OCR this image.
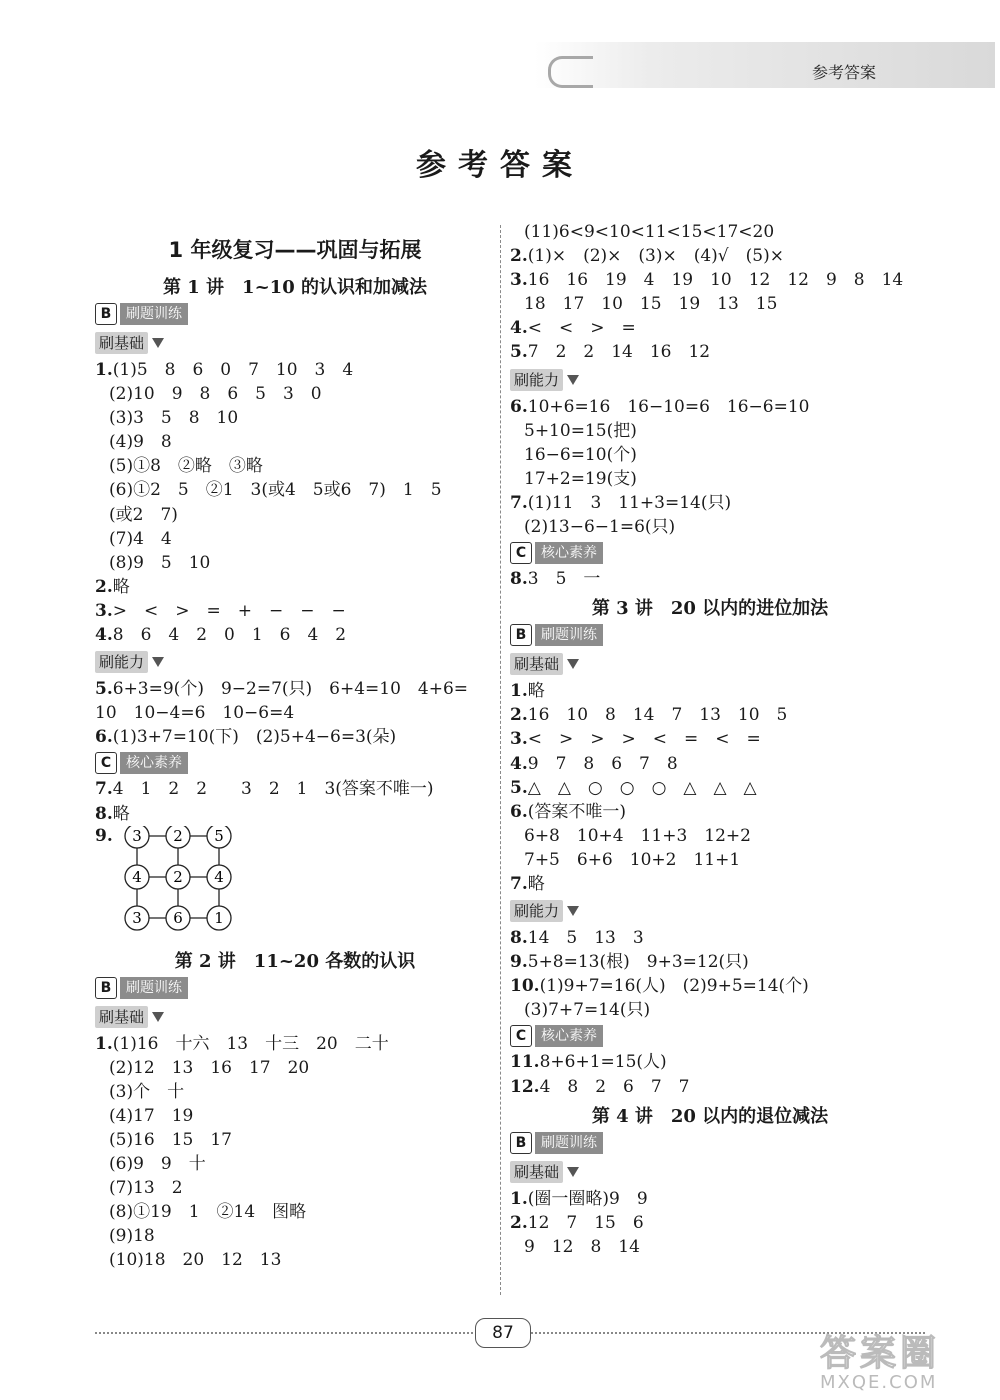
参考答案
参考答案
1 年级复习——巩固与拓展
第 1 讲　1~10 的认识和加减法
B	刷题训练
刷基础
1.(1)5　8　6　0　7　10　3　4
(2)10　9　8　6　5　3　0
(3)3　5　8　10
(4)9　8
(5)①8　②略　③略
(6)①2　5　②1　3(或4　5或6　7)　1　5
(或2　7)
(7)4　4
(8)9　5　10
2.略
3.>　<　>　=　+　−　−　−
4.8　6　4　2　0　1　6　4　2
刷能力
5.6+3=9(个)　9−2=7(只)　6+4=10　4+6=
10　10−4=6　10−6=4
6.(1)3+7=10(下)　(2)5+4−6=3(朵)
C	核心素养
7.4　1　2　2　　3　2　1　3(答案不唯一)
8.略
9. 3 2 5
4 2 4
3 6 1
第 2 讲　11~20 各数的认识
B	刷题训练
刷基础
1.(1)16　十六　13　十三　20　二十
(2)12　13　16　17　20
(3)个　十
(4)17　19
(5)16　15　17
(6)9　9　十
(7)13　2
(8)①19　1　②14　图略
(9)18
(10)18　20　12　13
(11)6<9<10<11<15<17<20
2.(1)×　(2)×　(3)×　(4)√　(5)×
3.16　16　19　4　19　10　12　12　9　8　14
18　17　10　15　19　13　15
4.<　<　>　=
5.7　2　2　14　16　12
刷能力
6.10+6=16　16−10=6　16−6=10
5+10=15(把)
16−6=10(个)
17+2=19(支)
7.(1)11　3　11+3=14(只)
(2)13−6−1=6(只)
C	核心素养
8.3　5　一
第 3 讲　20 以内的进位加法
B	刷题训练
刷基础
1.略
2.16　10　8　14　7　13　10　5
3.<　>　>　>　<　=　<　=
4.9　7　8　6　7　8
5.△　△　○　○　○　△　△　△
6.(答案不唯一)
6+8　10+4　11+3　12+2
7+5　6+6　10+2　11+1
7.略
刷能力
8.14　5　13　3
9.5+8=13(根)　9+3=12(只)
10.(1)9+7=16(人)　(2)9+5=14(个)
(3)7+7=14(只)
C	核心素养
11.8+6+1=15(人)
12.4　8　2　6　7　7
第 4 讲　20 以内的退位减法
B	刷题训练
刷基础
1.(圈一圈略)9　9
2.12　7　15　6
9　12　8　14
87	答案圈
MXQE.COM
